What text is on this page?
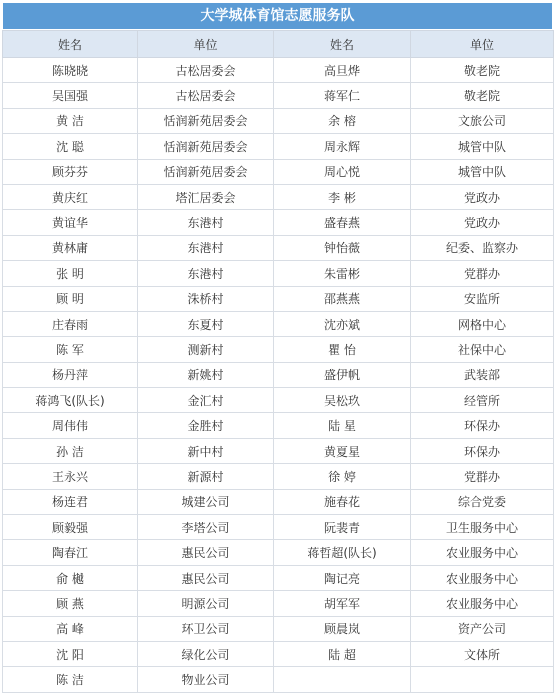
大学城体育馆志愿服务队
姓名	单位	姓名	单位
陈晓晓	古松居委会	高旦烨	敬老院
吴国强	古松居委会	蒋军仁	敬老院
黄 洁	恬润新苑居委会	余 榕	文旅公司
沈 聪	恬润新苑居委会	周永辉	城管中队
顾芬芬	恬润新苑居委会	周心悦	城管中队
黄庆红	塔汇居委会	李 彬	党政办
黄谊华	东港村	盛春燕	党政办
黄林庸	东港村	钟怡薇	纪委、监察办
张 明	东港村	朱雷彬	党群办
顾 明	洙桥村	邵燕燕	安监所
庄春雨	东夏村	沈亦斌	网格中心
陈 军	测新村	瞿 怡	社保中心
杨丹萍	新姚村	盛伊帆	武装部
蒋鸿飞(队长)	金汇村	吴松玖	经管所
周伟伟	金胜村	陆 星	环保办
孙 洁	新中村	黄夏星	环保办
王永兴	新源村	徐 婷	党群办
杨连君	城建公司	施春花	综合党委
顾毅强	李塔公司	阮裴青	卫生服务中心
陶春江	惠民公司	蒋哲超(队长)	农业服务中心
俞 樾	惠民公司	陶记亮	农业服务中心
顾 燕	明源公司	胡军军	农业服务中心
高 峰	环卫公司	顾晨岚	资产公司
沈 阳	绿化公司	陆 超	文体所
陈 洁	物业公司		
